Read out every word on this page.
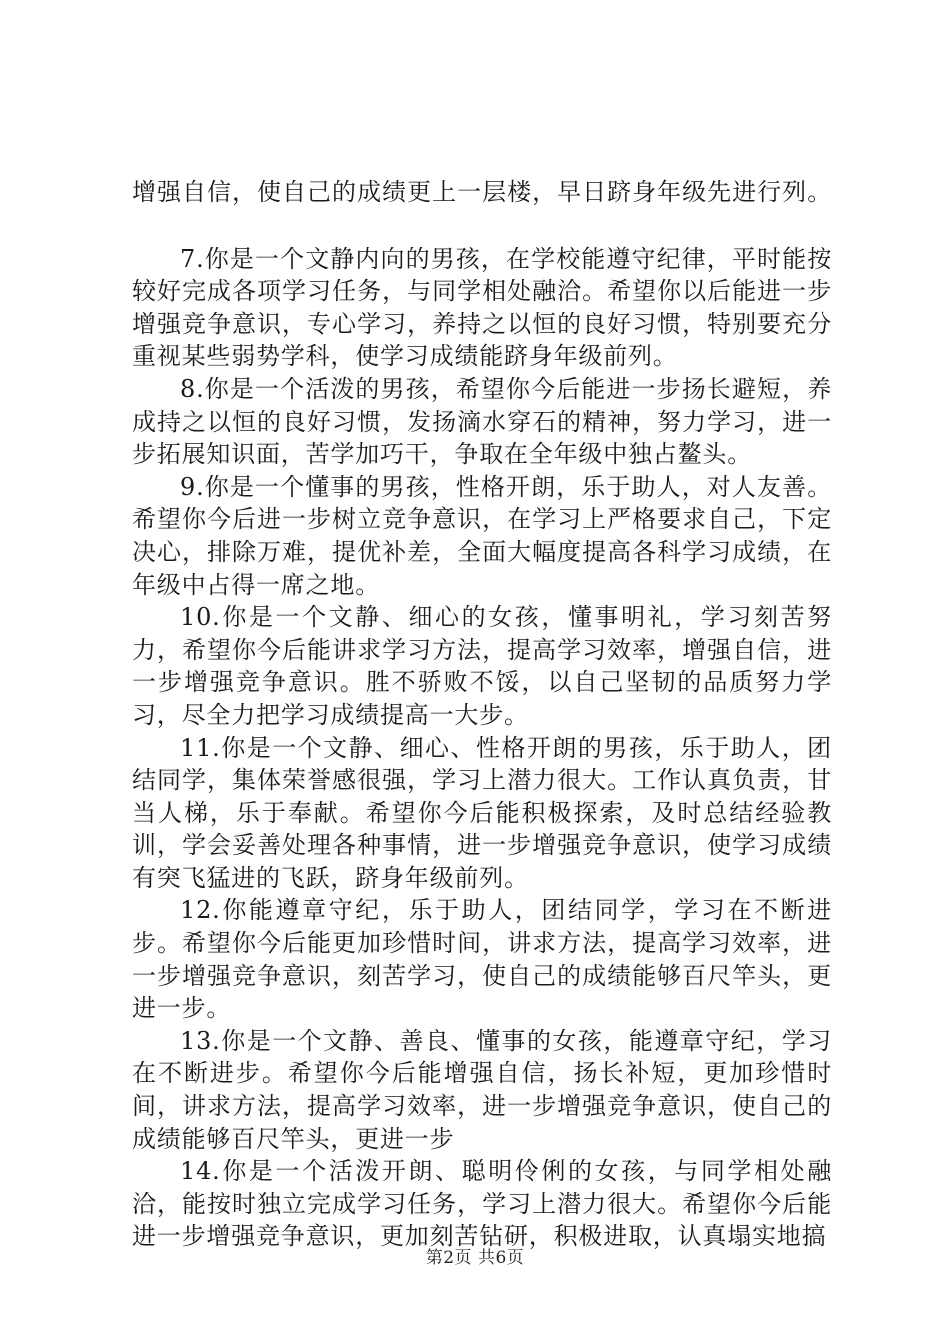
增强自信，使自己的成绩更上一层楼，早日跻身年级先进行列。

7.你是一个文静内向的男孩，在学校能遵守纪律，平时能按较好完成各项学习任务，与同学相处融洽。希望你以后能进一步增强竞争意识，专心学习，养持之以恒的良好习惯，特别要充分重视某些弱势学科，使学习成绩能跻身年级前列。

8.你是一个活泼的男孩，希望你今后能进一步扬长避短，养成持之以恒的良好习惯，发扬滴水穿石的精神，努力学习，进一步拓展知识面，苦学加巧干，争取在全年级中独占鳌头。

9.你是一个懂事的男孩，性格开朗，乐于助人，对人友善。希望你今后进一步树立竞争意识，在学习上严格要求自己，下定决心，排除万难，提优补差，全面大幅度提高各科学习成绩，在年级中占得一席之地。

10.你是一个文静、细心的女孩，懂事明礼，学习刻苦努力，希望你今后能讲求学习方法，提高学习效率，增强自信，进一步增强竞争意识。胜不骄败不馁，以自己坚韧的品质努力学习，尽全力把学习成绩提高一大步。

11.你是一个文静、细心、性格开朗的男孩，乐于助人，团结同学，集体荣誉感很强，学习上潜力很大。工作认真负责，甘当人梯，乐于奉献。希望你今后能积极探索，及时总结经验教训，学会妥善处理各种事情，进一步增强竞争意识，使学习成绩有突飞猛进的飞跃，跻身年级前列。

12.你能遵章守纪，乐于助人，团结同学，学习在不断进步。希望你今后能更加珍惜时间，讲求方法，提高学习效率，进一步增强竞争意识，刻苦学习，使自己的成绩能够百尺竿头，更进一步。

13.你是一个文静、善良、懂事的女孩，能遵章守纪，学习在不断进步。希望你今后能增强自信，扬长补短，更加珍惜时间，讲求方法，提高学习效率，进一步增强竞争意识，使自己的成绩能够百尺竿头，更进一步

14.你是一个活泼开朗、聪明伶俐的女孩，与同学相处融洽，能按时独立完成学习任务，学习上潜力很大。希望你今后能进一步增强竞争意识，更加刻苦钻研，积极进取，认真塌实地搞

第2页 共6页
